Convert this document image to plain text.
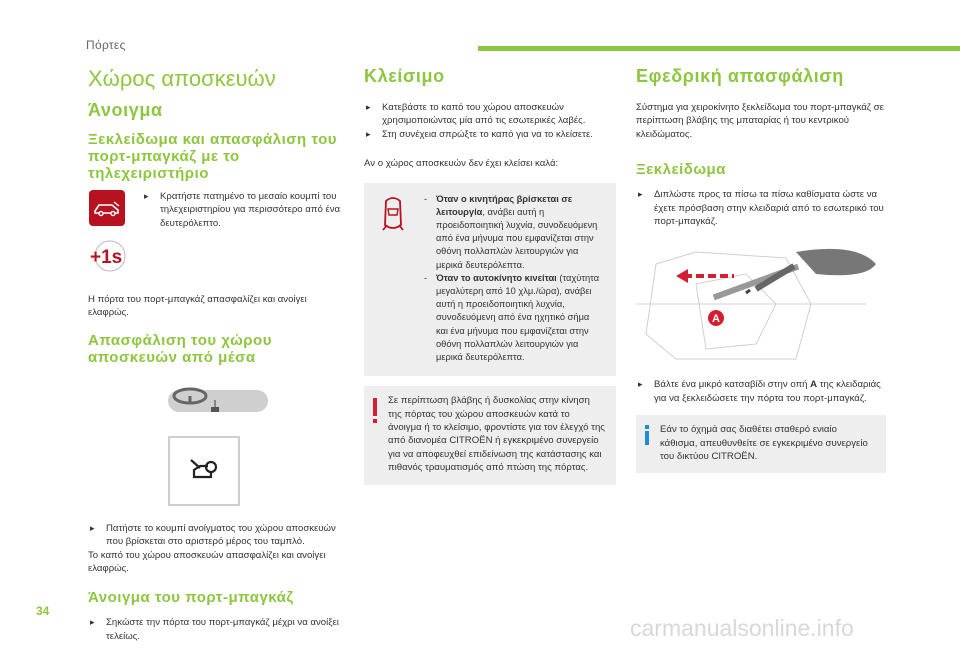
Πόρτες
34
carmanualsonline.info
Χώρος αποσκευών
Άνοιγμα
Ξεκλείδωμα και απασφάλιση του πορτ-μπαγκάζ με το τηλεχειριστήριο
+1s
▸ Κρατήστε πατημένο το μεσαίο κουμπί του τηλεχειριστηρίου για περισσότερο από ένα δευτερόλεπτο.

Η πόρτα του πορτ-μπαγκάζ απασφαλίζει και ανοίγει ελαφρώς.

Απασφάλιση του χώρου αποσκευών από μέσα
▸ Πατήστε το κουμπί ανοίγματος του χώρου αποσκευών που βρίσκεται στο αριστερό μέρος του ταμπλό.

Το καπό του χώρου αποσκευών απασφαλίζει και ανοίγει ελαφρώς.

Άνοιγμα του πορτ-μπαγκάζ
▸ Σηκώστε την πόρτα του πορτ-μπαγκάζ μέχρι να ανοίξει τελείως.
Κλείσιμο
▸ Κατεβάστε το καπό του χώρου αποσκευών χρησιμοποιώντας μία από τις εσωτερικές λαβές.
▸ Στη συνέχεια σπρώξτε το καπό για να το κλείσετε.

Αν ο χώρος αποσκευών δεν έχει κλείσει καλά:

- Όταν ο κινητήρας βρίσκεται σε λειτουργία, ανάβει αυτή η προειδοποιητική λυχνία, συνοδευόμενη από ένα μήνυμα που εμφανίζεται στην οθόνη πολλαπλών λειτουργιών για μερικά δευτερόλεπτα.
- Όταν το αυτοκίνητο κινείται (ταχύτητα μεγαλύτερη από 10 χλμ./ώρα), ανάβει αυτή η προειδοποιητική λυχνία, συνοδευόμενη από ένα ηχητικό σήμα και ένα μήνυμα που εμφανίζεται στην οθόνη πολλαπλών λειτουργιών για μερικά δευτερόλεπτα.

Σε περίπτωση βλάβης ή δυσκολίας στην κίνηση της πόρτας του χώρου αποσκευών κατά το άνοιγμα ή το κλείσιμο, φροντίστε για τον έλεγχό της από διανομέα CITROËN ή εγκεκριμένο συνεργείο για να αποφευχθεί επιδείνωση της κατάστασης και πιθανός τραυματισμός από πτώση της πόρτας.

Εφεδρική απασφάλιση

Σύστημα για χειροκίνητο ξεκλείδωμα του πορτ-μπαγκάζ σε περίπτωση βλάβης της μπαταρίας ή του κεντρικού κλειδώματος.

Ξεκλείδωμα
▸ Διπλώστε προς τα πίσω τα πίσω καθίσματα ώστε να έχετε πρόσβαση στην κλειδαριά από το εσωτερικό του πορτ-μπαγκάζ.
A
▸ Βάλτε ένα μικρό κατσαβίδι στην οπή A της κλειδαριάς για να ξεκλειδώσετε την πόρτα του πορτ-μπαγκάζ.

Εάν το όχημά σας διαθέτει σταθερό ενιαίο κάθισμα, απευθυνθείτε σε εγκεκριμένο συνεργείο του δικτύου CITROËN.
